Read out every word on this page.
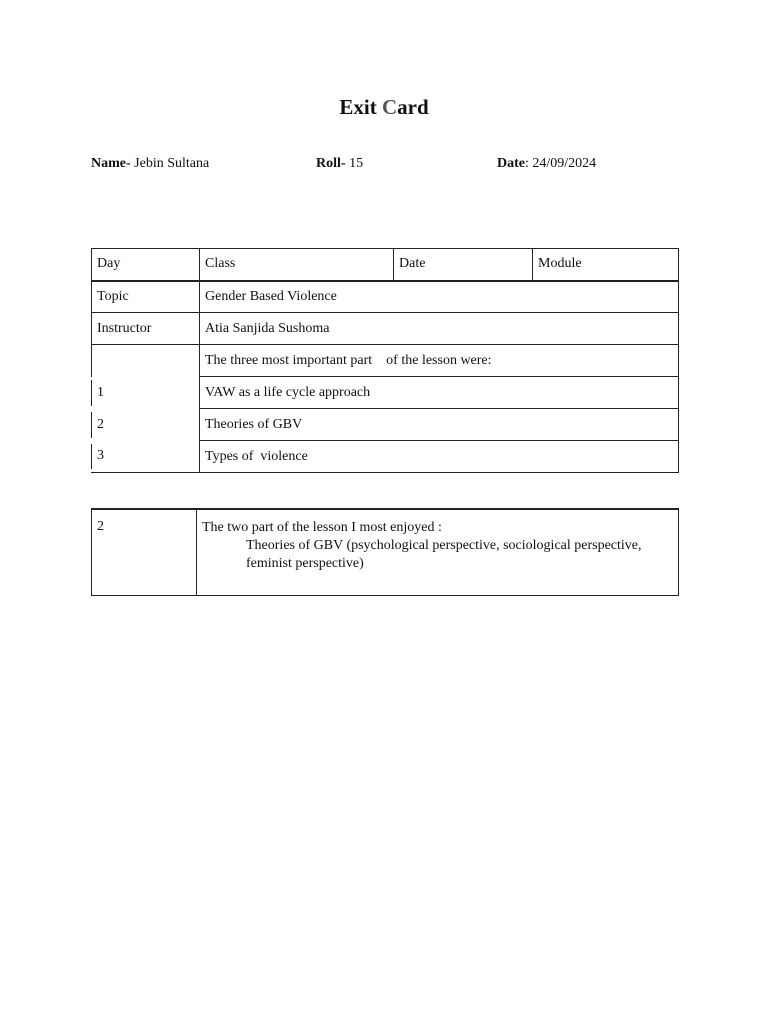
Exit Card
Name- Jebin Sultana	Roll- 15	Date: 24/09/2024
Day	Class	Date	Module
Topic	Gender Based Violence		
Instructor	Atia Sanjida Sushoma		
	The three most important part    of the lesson were:		
1	VAW as a life cycle approach		
2	Theories of GBV		
3	Types of  violence		
2	The two part of the lesson I most enjoyed :
Theories of GBV (psychological perspective, sociological perspective, feminist perspective)
